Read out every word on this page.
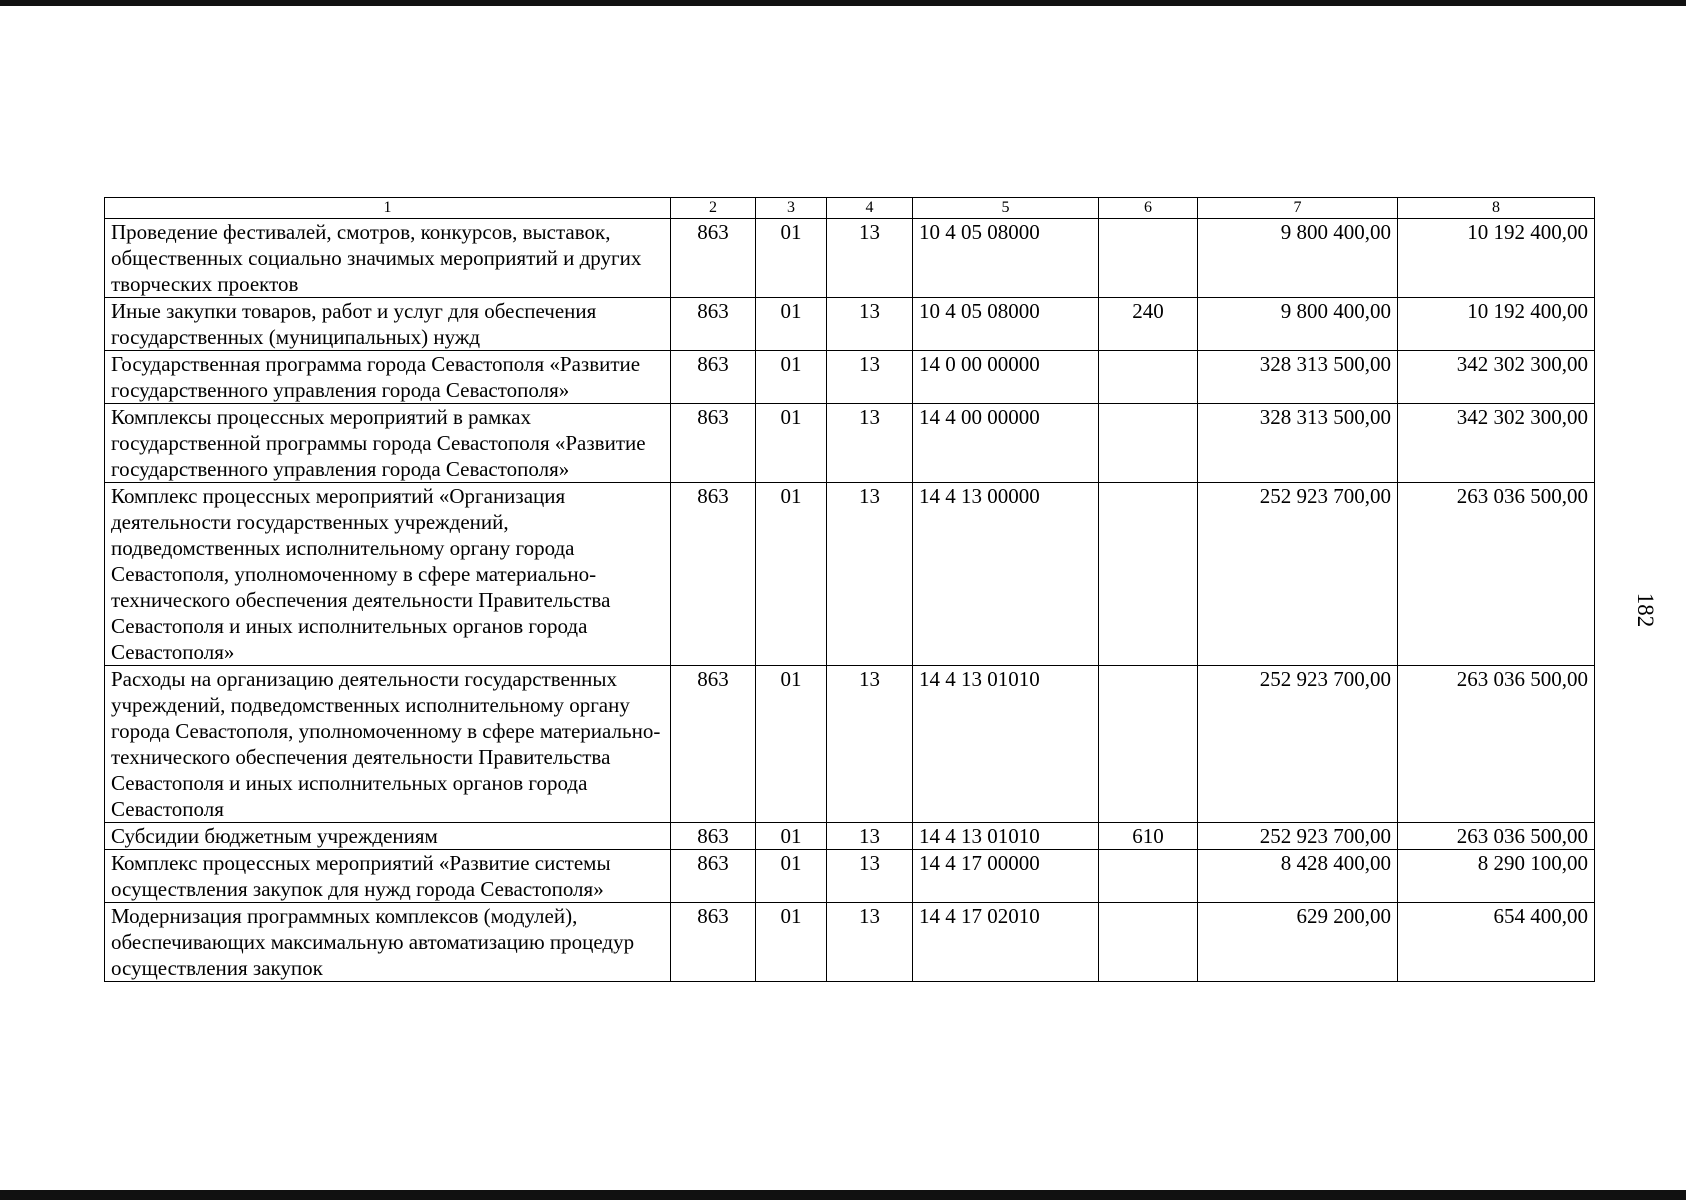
1	2	3	4	5	6	7	8
Проведение фестивалей, смотров, конкурсов, выставок, общественных социально значимых мероприятий и других творческих проектов	863	01	13	10 4 05 08000		9 800 400,00	10 192 400,00
Иные закупки товаров, работ и услуг для обеспечения государственных (муниципальных) нужд	863	01	13	10 4 05 08000	240	9 800 400,00	10 192 400,00
Государственная программа города Севастополя «Развитие государственного управления города Севастополя»	863	01	13	14 0 00 00000		328 313 500,00	342 302 300,00
Комплексы процессных мероприятий в рамках государственной программы города Севастополя «Развитие государственного управления города Севастополя»	863	01	13	14 4 00 00000		328 313 500,00	342 302 300,00
Комплекс процессных мероприятий «Организация деятельности государственных учреждений, подведомственных исполнительному органу города Севастополя, уполномоченному в сфере материально-технического обеспечения деятельности Правительства Севастополя и иных исполнительных органов города Севастополя»	863	01	13	14 4 13 00000		252 923 700,00	263 036 500,00
Расходы на организацию деятельности государственных учреждений, подведомственных исполнительному органу города Севастополя, уполномоченному в сфере материально-технического обеспечения деятельности Правительства Севастополя и иных исполнительных органов города Севастополя	863	01	13	14 4 13 01010		252 923 700,00	263 036 500,00
Субсидии бюджетным учреждениям	863	01	13	14 4 13 01010	610	252 923 700,00	263 036 500,00
Комплекс процессных мероприятий «Развитие системы осуществления закупок для нужд города Севастополя»	863	01	13	14 4 17 00000		8 428 400,00	8 290 100,00
Модернизация программных комплексов (модулей), обеспечивающих максимальную автоматизацию процедур осуществления закупок	863	01	13	14 4 17 02010		629 200,00	654 400,00
182
